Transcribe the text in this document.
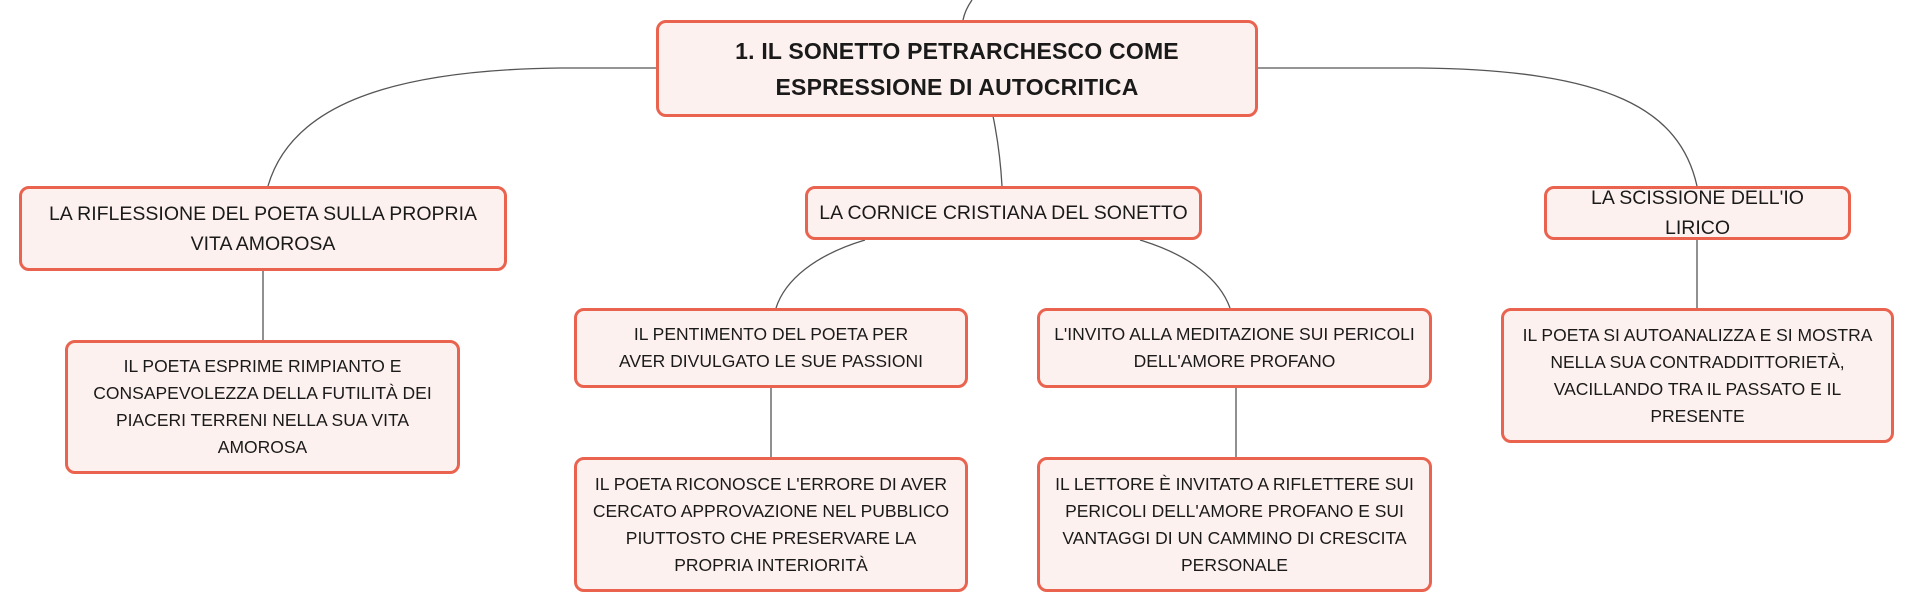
1. IL SONETTO PETRARCHESCO COME ESPRESSIONE DI AUTOCRITICA
LA RIFLESSIONE DEL POETA SULLA PROPRIA VITA AMOROSA
LA CORNICE CRISTIANA DEL SONETTO
LA SCISSIONE DELL'IO LIRICO
IL POETA ESPRIME RIMPIANTO E CONSAPEVOLEZZA DELLA FUTILITÀ DEI PIACERI TERRENI NELLA SUA VITA AMOROSA
IL PENTIMENTO DEL POETA PER AVER DIVULGATO LE SUE PASSIONI
L'INVITO ALLA MEDITAZIONE SUI PERICOLI DELL'AMORE PROFANO
IL POETA RICONOSCE L'ERRORE DI AVER CERCATO APPROVAZIONE NEL PUBBLICO PIUTTOSTO CHE PRESERVARE LA PROPRIA INTERIORITÀ
IL LETTORE È INVITATO A RIFLETTERE SUI PERICOLI DELL'AMORE PROFANO E SUI VANTAGGI DI UN CAMMINO DI CRESCITA PERSONALE
IL POETA SI AUTOANALIZZA E SI MOSTRA NELLA SUA CONTRADDITTORIETÀ, VACILLANDO TRA IL PASSATO E IL PRESENTE
